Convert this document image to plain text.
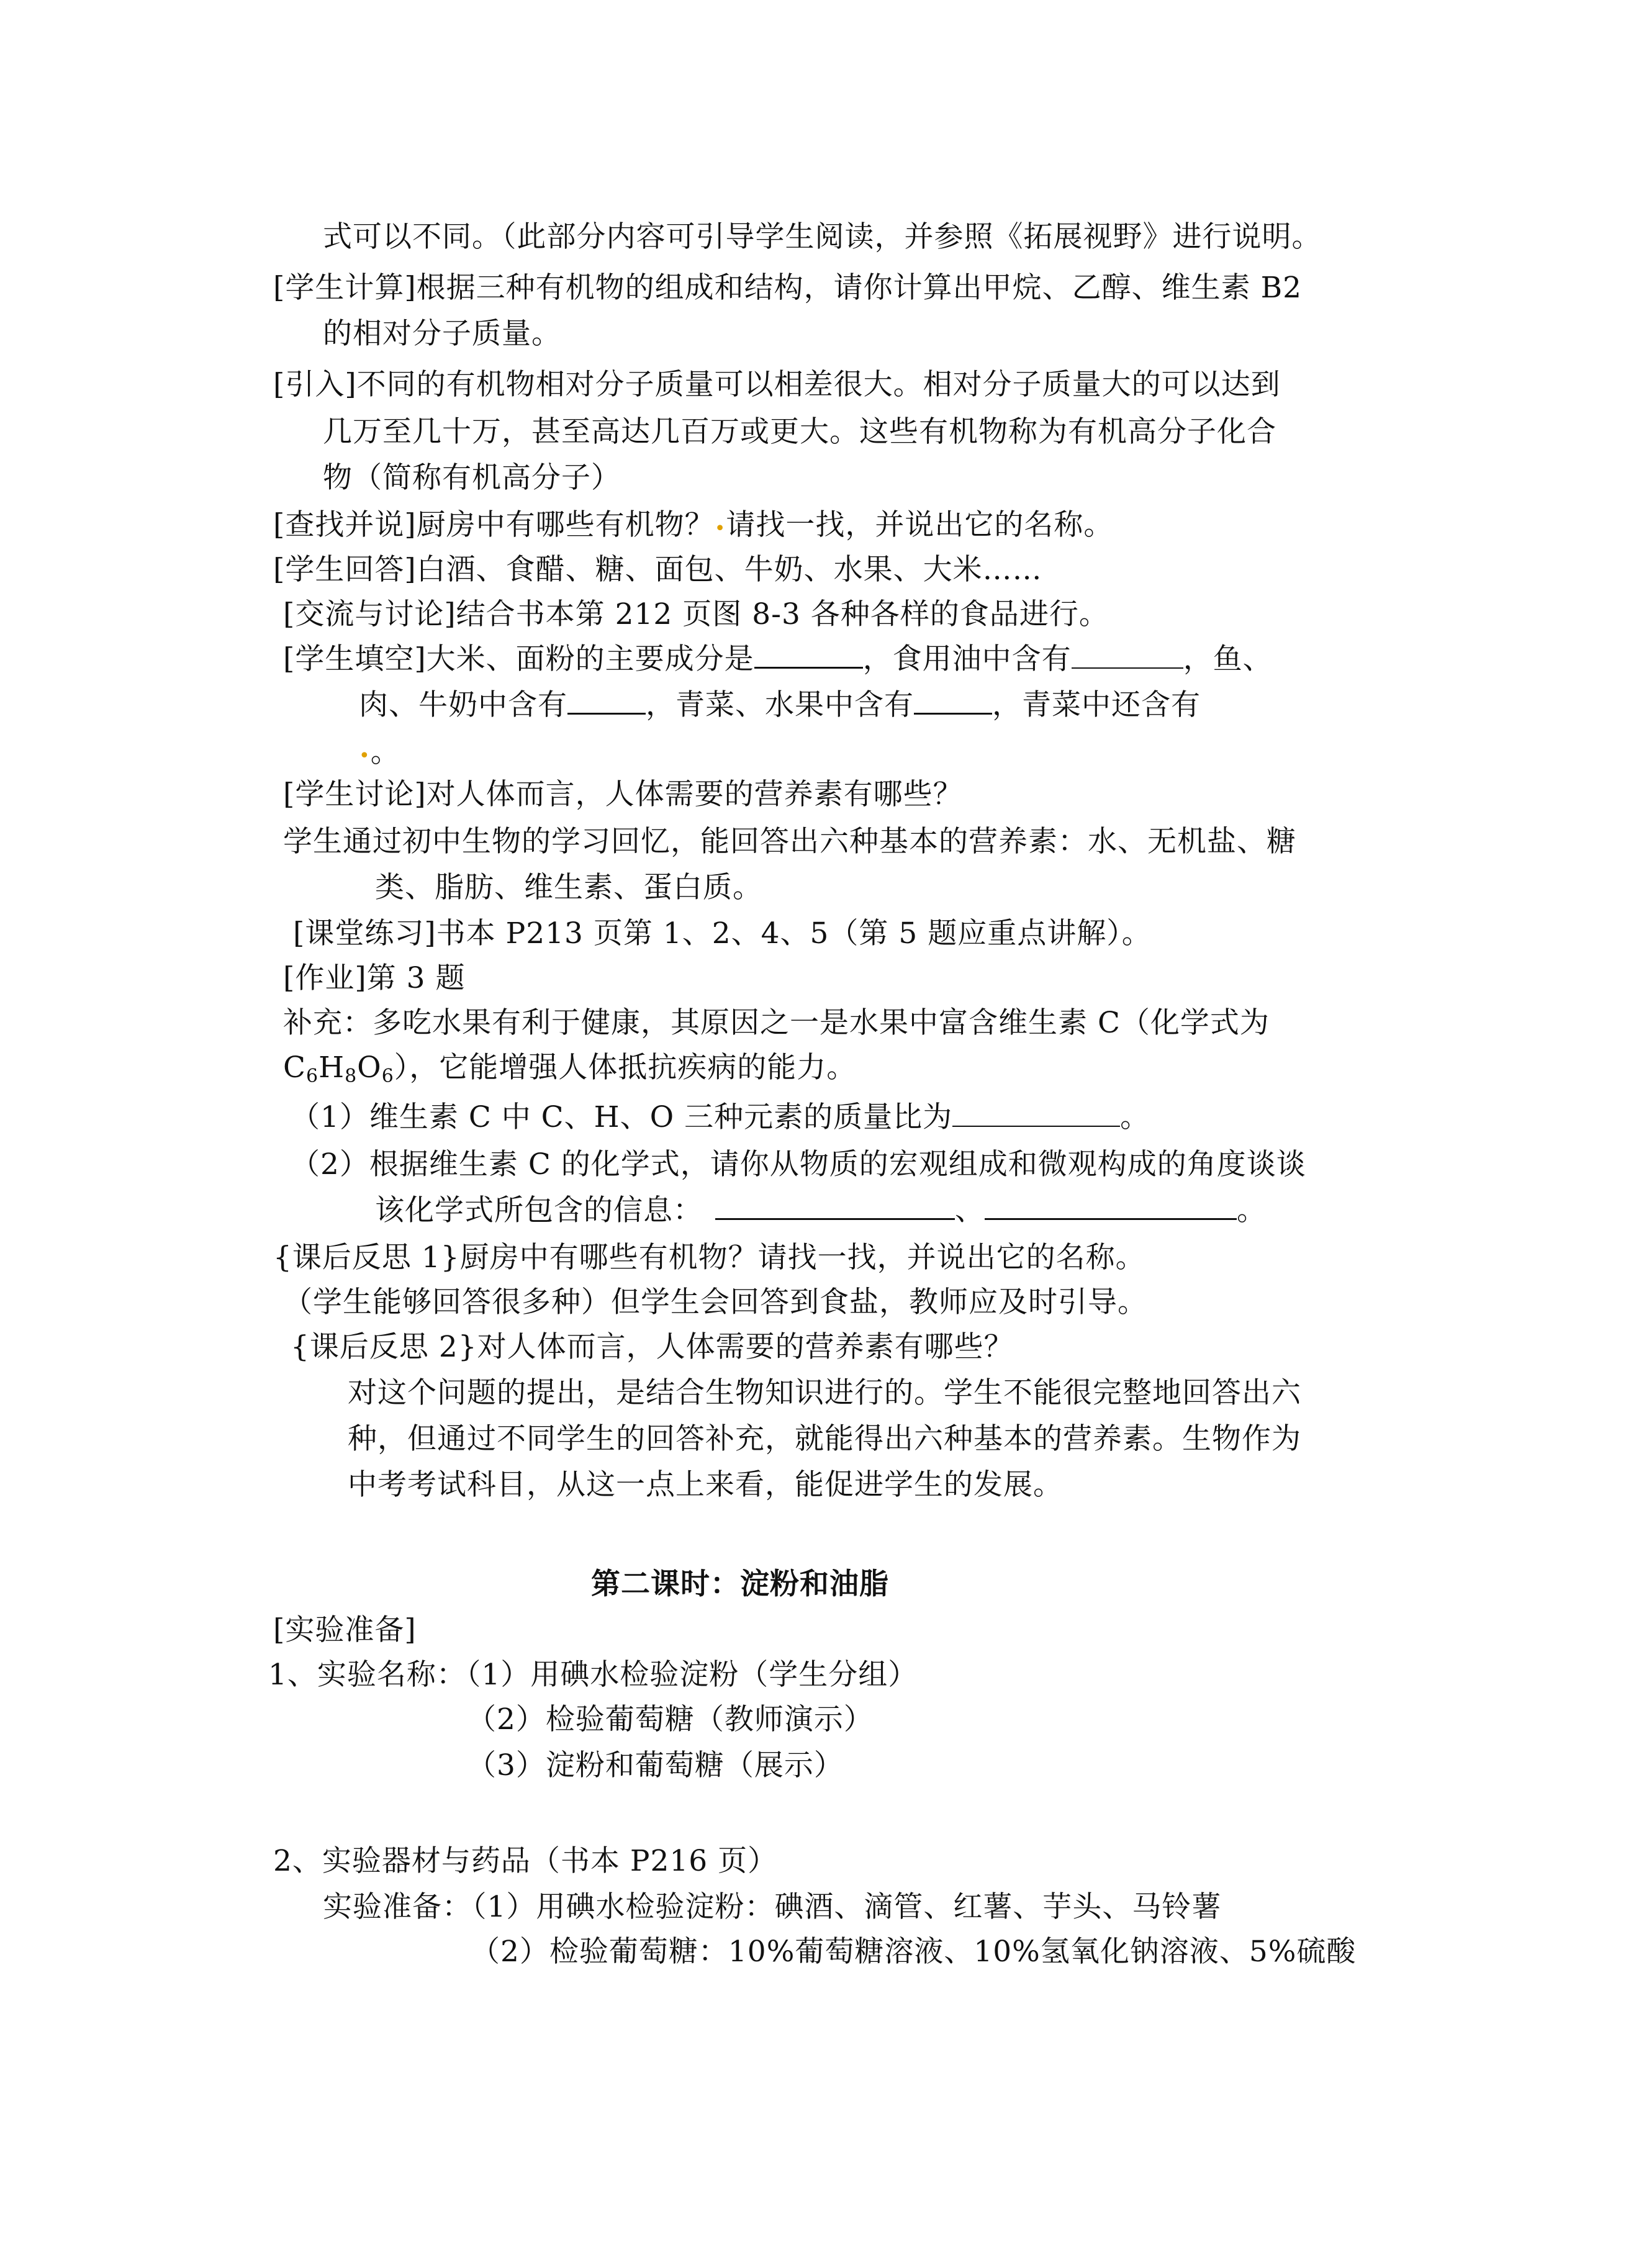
式可以不同。（此部分内容可引导学生阅读，并参照《拓展视野》进行说明。
[学生计算]根据三种有机物的组成和结构，请你计算出甲烷、乙醇、维生素 B2
的相对分子质量。
[引入]不同的有机物相对分子质量可以相差很大。相对分子质量大的可以达到
几万至几十万，甚至高达几百万或更大。这些有机物称为有机高分子化合
物（简称有机高分子）
[查找并说]厨房中有哪些有机物？•请找一找，并说出它的名称。
[学生回答]白酒、食醋、糖、面包、牛奶、水果、大米……
[交流与讨论]结合书本第 212 页图 8-3 各种各样的食品进行。
[学生填空]大米、面粉的主要成分是	，食用油中含有	，鱼、
肉、牛奶中含有	，青菜、水果中含有	，青菜中还含有
•。
[学生讨论]对人体而言，人体需要的营养素有哪些？
学生通过初中生物的学习回忆，能回答出六种基本的营养素：水、无机盐、糖
类、脂肪、维生素、蛋白质。
[课堂练习]书本 P213 页第 1、2、4、5（第 5 题应重点讲解）。
[作业]第 3 题
补充：多吃水果有利于健康，其原因之一是水果中富含维生素 C（化学式为
$C_6H_8O_6$），它能增强人体抵抗疾病的能力。
（1）维生素 C 中 C、H、O 三种元素的质量比为	。
（2）根据维生素 C 的化学式，请你从物质的宏观组成和微观构成的角度谈谈
该化学式所包含的信息：	、	。
{课后反思 1}厨房中有哪些有机物？请找一找，并说出它的名称。
（学生能够回答很多种）但学生会回答到食盐，教师应及时引导。
{课后反思 2}对人体而言，人体需要的营养素有哪些？
对这个问题的提出，是结合生物知识进行的。学生不能很完整地回答出六
种，但通过不同学生的回答补充，就能得出六种基本的营养素。生物作为
中考考试科目，从这一点上来看，能促进学生的发展。
第二课时：淀粉和油脂
[实验准备]
1、实验名称：（1）用碘水检验淀粉（学生分组）
（2）检验葡萄糖（教师演示）
（3）淀粉和葡萄糖（展示）
2、实验器材与药品（书本 P216 页）
实验准备：（1）用碘水检验淀粉：碘酒、滴管、红薯、芋头、马铃薯
（2）检验葡萄糖：10%葡萄糖溶液、10%氢氧化钠溶液、5%硫酸
